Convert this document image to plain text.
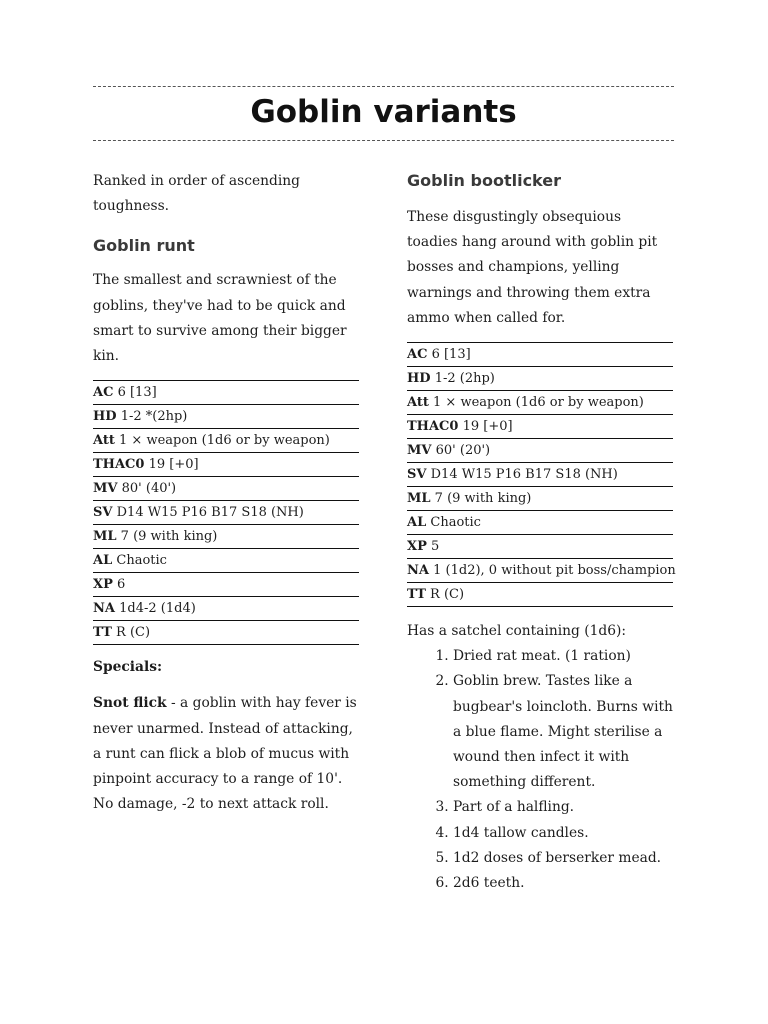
Goblin variants

Ranked in order of ascending toughness.

Goblin runt

The smallest and scrawniest of the goblins, they've had to be quick and smart to survive among their bigger kin.

AC 6 [13]
HD 1-2 *(2hp)
Att 1 × weapon (1d6 or by weapon)
THAC0 19 [+0]
MV 80' (40')
SV D14 W15 P16 B17 S18 (NH)
ML 7 (9 with king)
AL Chaotic
XP 6
NA 1d4-2 (1d4)
TT R (C)

Specials:

Snot flick - a goblin with hay fever is never unarmed. Instead of attacking, a runt can flick a blob of mucus with pinpoint accuracy to a range of 10'. No damage, -2 to next attack roll.

Goblin bootlicker

These disgustingly obsequious toadies hang around with goblin pit bosses and champions, yelling warnings and throwing them extra ammo when called for.

AC 6 [13]
HD 1-2 (2hp)
Att 1 × weapon (1d6 or by weapon)
THAC0 19 [+0]
MV 60' (20')
SV D14 W15 P16 B17 S18 (NH)
ML 7 (9 with king)
AL Chaotic
XP 5
NA 1 (1d2), 0 without pit boss/champion
TT R (C)

Has a satchel containing (1d6):

1. Dried rat meat. (1 ration)
2. Goblin brew. Tastes like a bugbear's loincloth. Burns with a blue flame. Might sterilise a wound then infect it with something different.
3. Part of a halfling.
4. 1d4 tallow candles.
5. 1d2 doses of berserker mead.
6. 2d6 teeth.
